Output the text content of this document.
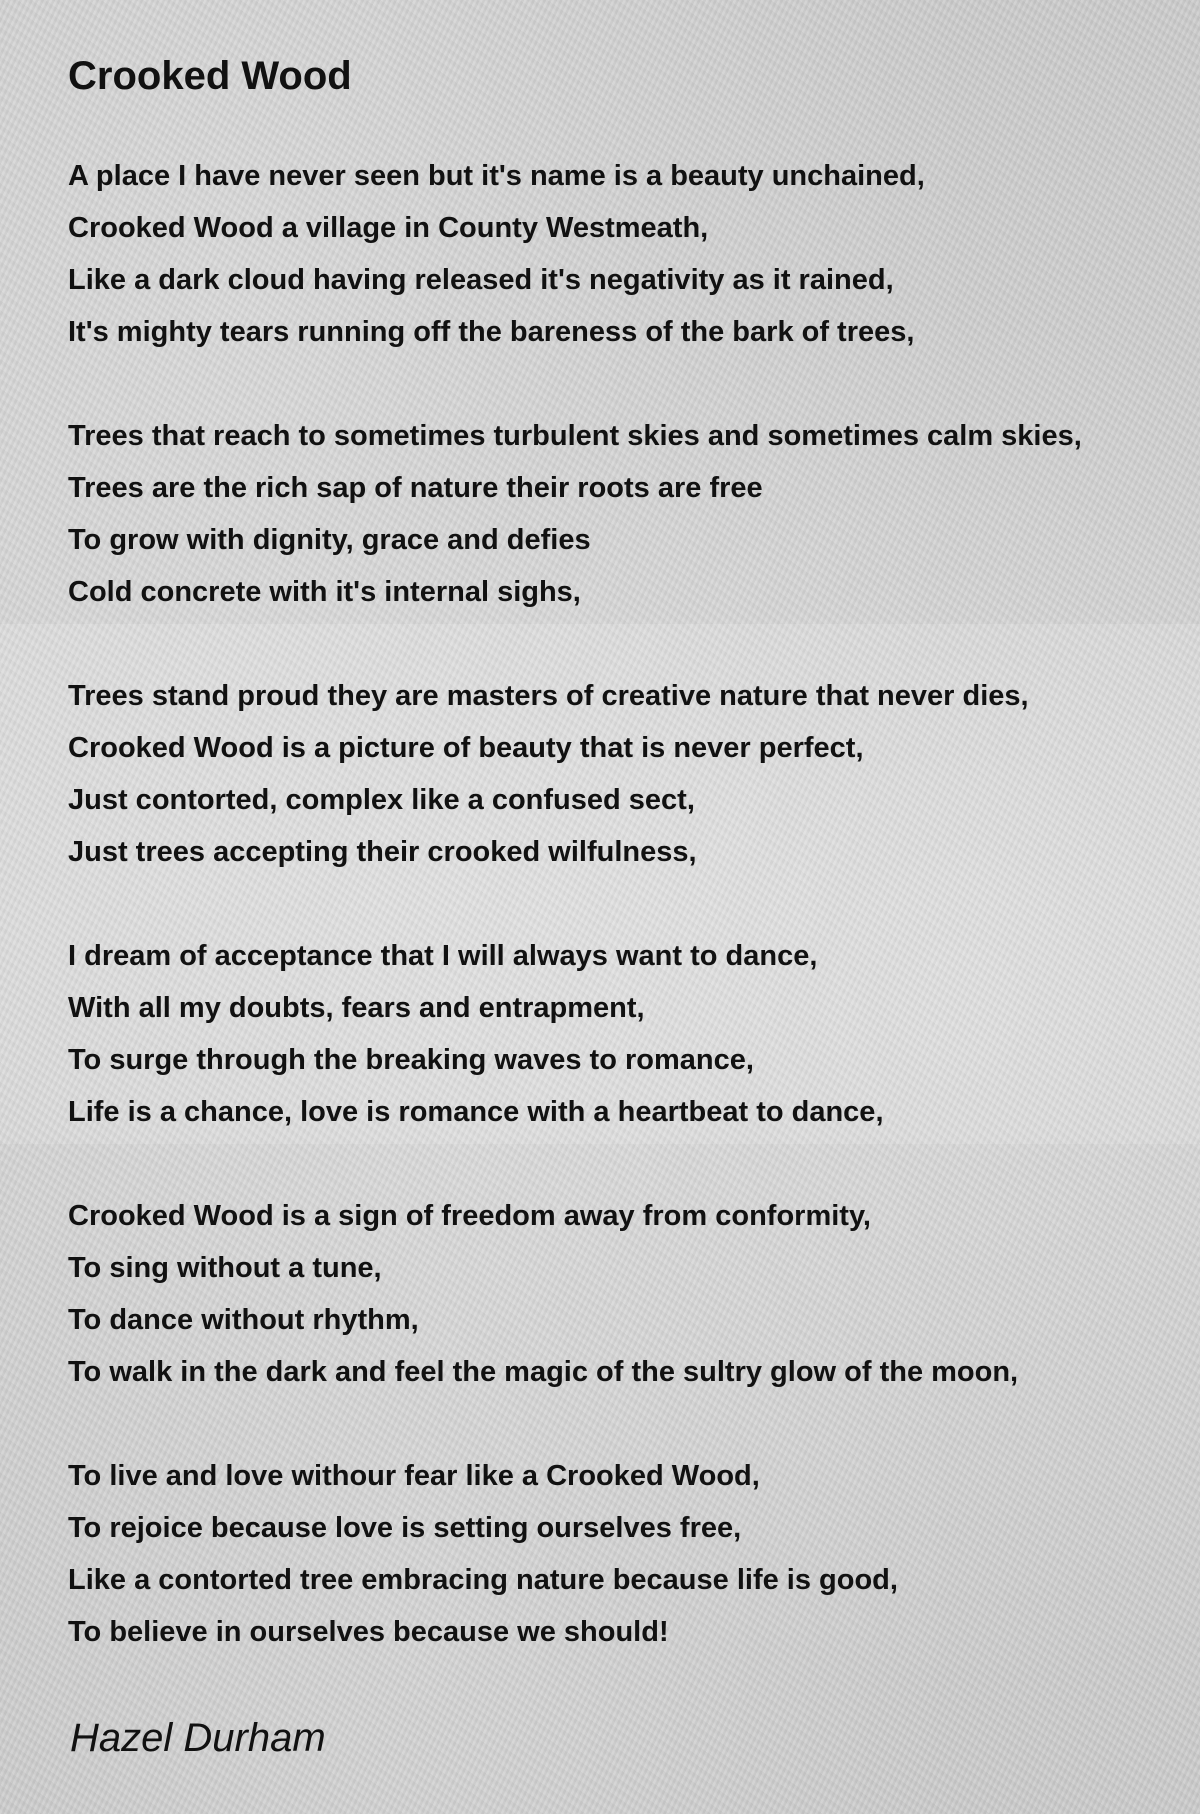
Crooked Wood
A place I have never seen but it's name is a beauty unchained,
Crooked Wood a village in County Westmeath,
Like a dark cloud having released it's negativity as it rained,
It's mighty tears running off the bareness of the bark of trees,
Trees that reach to sometimes turbulent skies and sometimes calm skies,
Trees are the rich sap of nature their roots are free
To grow with dignity, grace and defies
Cold concrete with it's internal sighs,
Trees stand proud they are masters of creative nature that never dies,
Crooked Wood is a picture of beauty that is never perfect,
Just contorted, complex like a confused sect,
Just trees accepting their crooked wilfulness,
I dream of acceptance that I will always want to dance,
With all my doubts, fears and entrapment,
To surge through the breaking waves to romance,
Life is a chance, love is romance with a heartbeat to dance,
Crooked Wood is a sign of freedom away from conformity,
To sing without a tune,
To dance without rhythm,
To walk in the dark and feel the magic of the sultry glow of the moon,
To live and love withour fear like a Crooked Wood,
To rejoice because love is setting ourselves free,
Like a contorted tree embracing nature because life is good,
To believe in ourselves because we should!
Hazel Durham
